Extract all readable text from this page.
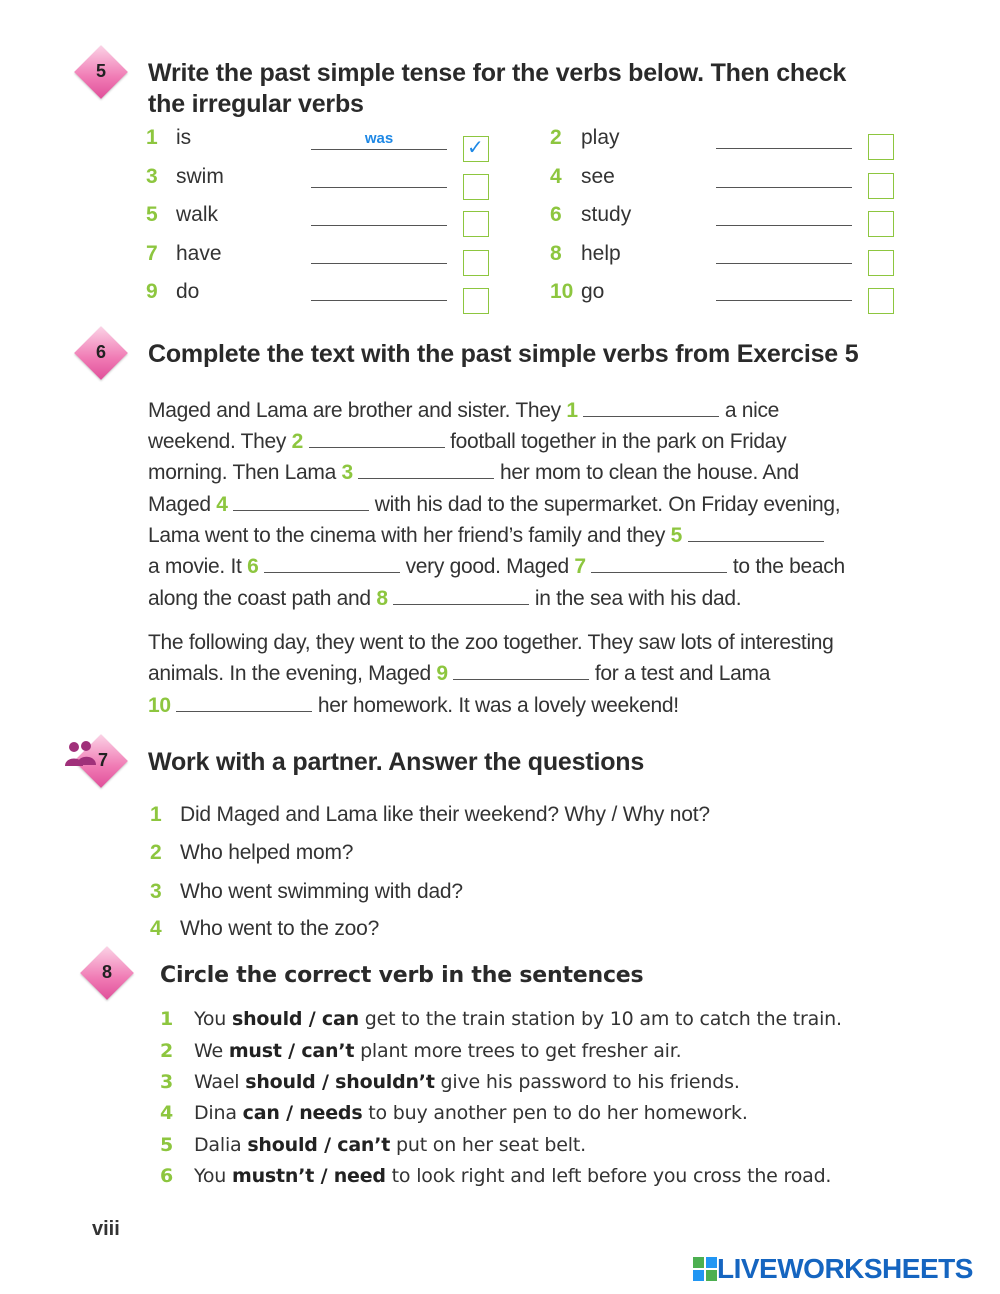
5	Write the past simple tense for the verbs below. Then check
the irregular verbs
1 is	was	✓
3 swim
5 walk
7 have
9 do
2 play
4 see
6 study
8 help
10 go
6	Complete the text with the past simple verbs from Exercise 5
Maged and Lama are brother and sister. They 1	a nice
weekend. They 2	football together in the park on Friday
morning. Then Lama 3	her mom to clean the house. And
Maged 4	with his dad to the supermarket. On Friday evening,
Lama went to the cinema with her friend’s family and they 5
a movie. It 6	very good. Maged 7	to the beach
along the coast path and 8	in the sea with his dad.
The following day, they went to the zoo together. They saw lots of interesting
animals. In the evening, Maged 9	for a test and Lama
10	her homework. It was a lovely weekend!
7	Work with a partner. Answer the questions
1 Did Maged and Lama like their weekend? Why / Why not?
2 Who helped mom?
3 Who went swimming with dad?
4 Who went to the zoo?
8	Circle the correct verb in the sentences
1 You should / can get to the train station by 10 am to catch the train.
2 We must / can’t plant more trees to get fresher air.
3 Wael should / shouldn’t give his password to his friends.
4 Dina can / needs to buy another pen to do her homework.
5 Dalia should / can’t put on her seat belt.
6 You mustn’t / need to look right and left before you cross the road.
viii
LIVEWORKSHEETS
